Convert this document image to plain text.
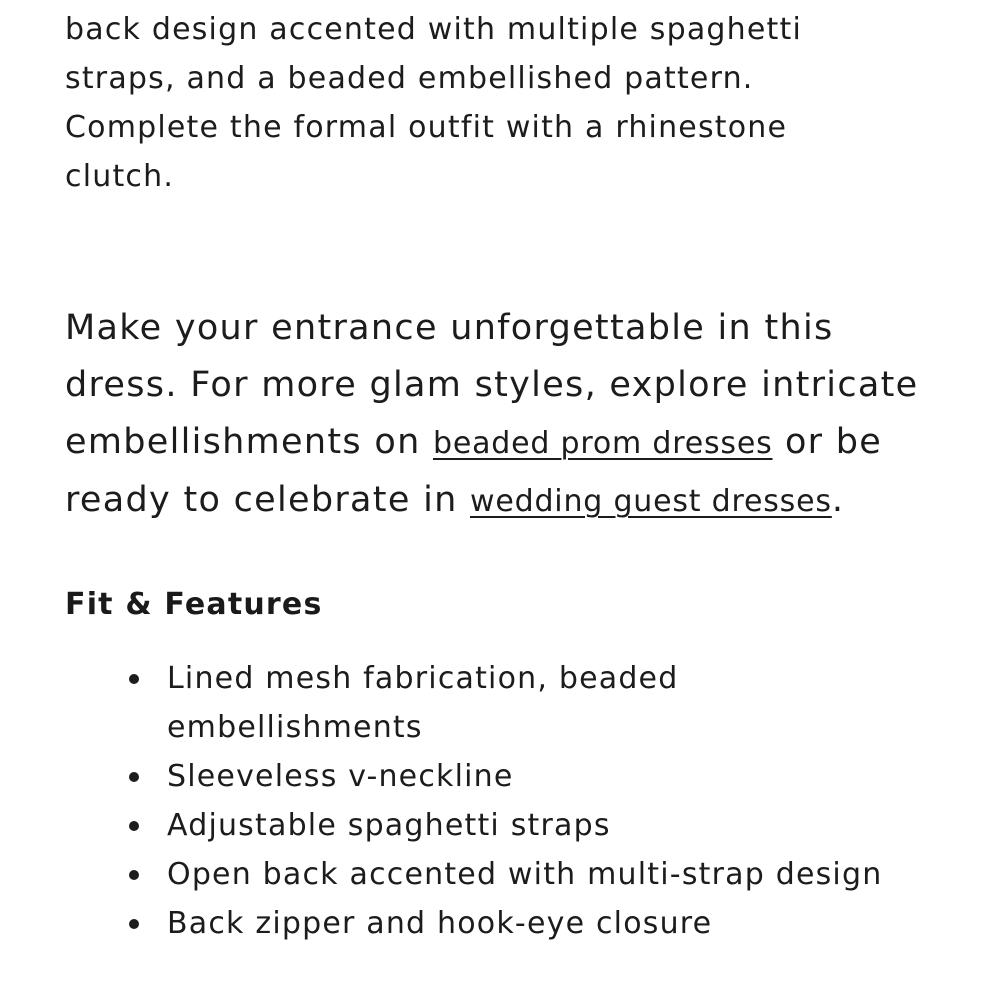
back design accented with multiple spaghetti straps, and a beaded embellished pattern. Complete the formal outfit with a rhinestone clutch.

Make your entrance unforgettable in this dress. For more glam styles, explore intricate embellishments on beaded prom dresses or be ready to celebrate in wedding guest dresses.

Fit & Features
Lined mesh fabrication, beaded embellishments
Sleeveless v-neckline
Adjustable spaghetti straps
Open back accented with multi-strap design
Back zipper and hook-eye closure
